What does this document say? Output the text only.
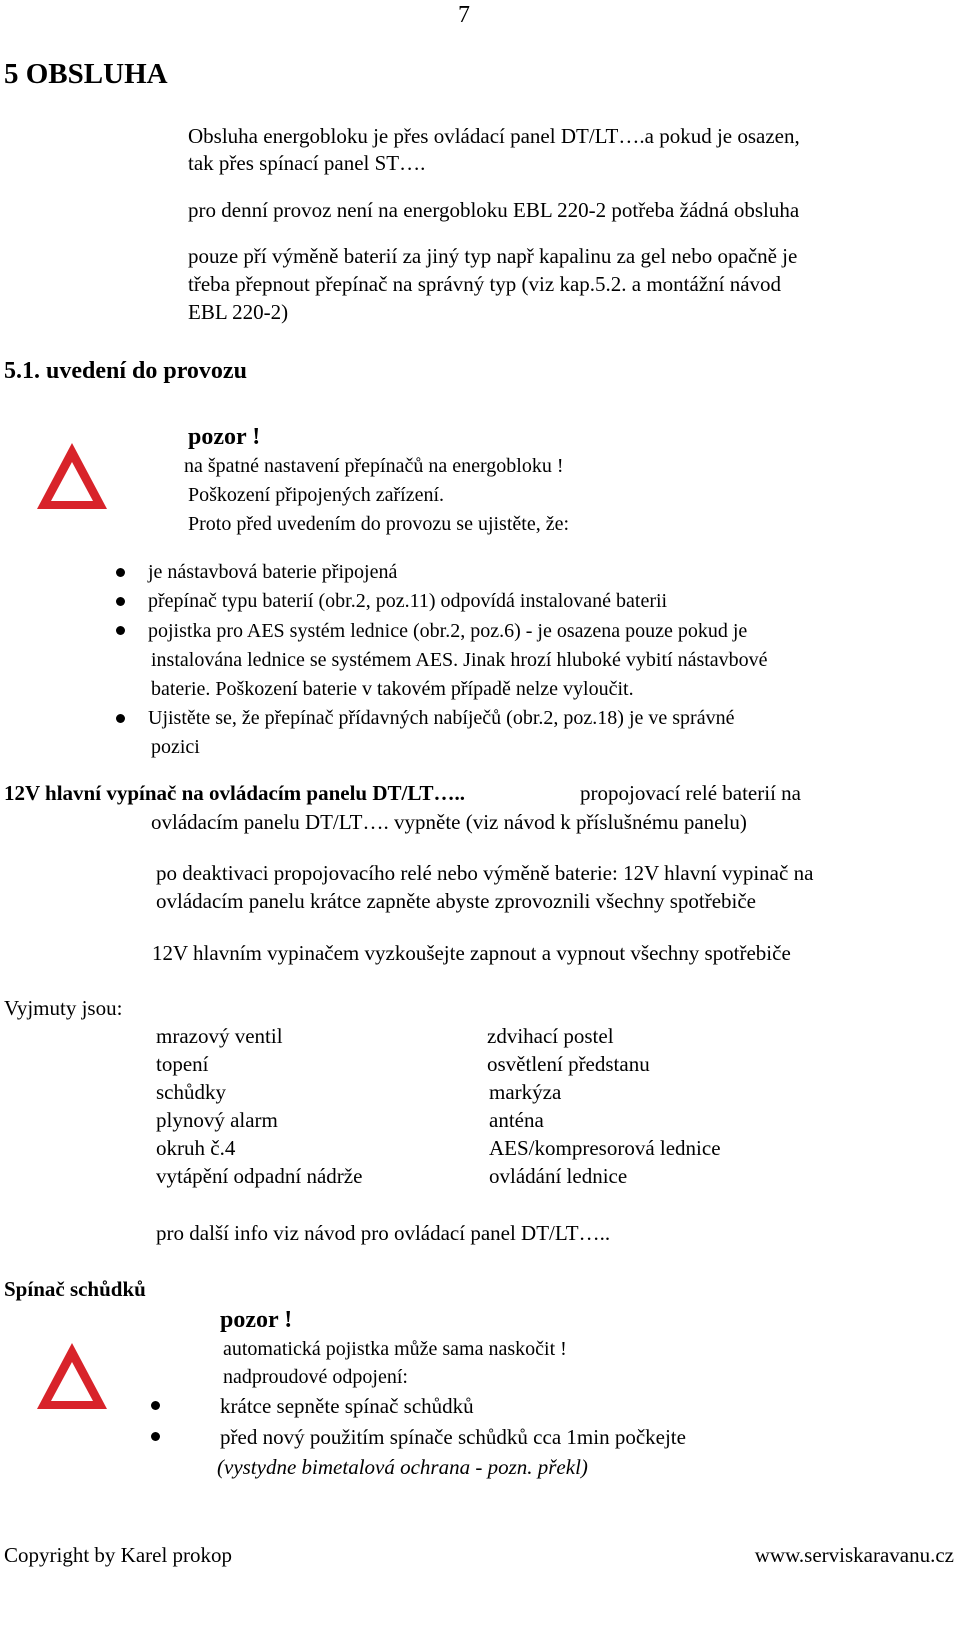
7
5 OBSLUHA
Obsluha energobloku je přes ovládací panel DT/LT….a pokud je osazen,
tak přes spínací panel ST….
pro denní provoz není na energobloku EBL 220-2 potřeba žádná obsluha
pouze pří výměně baterií za jiný typ např kapalinu za gel nebo opačně je
třeba přepnout přepínač na správný typ (viz kap.5.2. a montážní návod
EBL 220-2)
5.1. uvedení do provozu
pozor !
na špatné nastavení přepínačů na energobloku !
Poškození připojených zařízení.
Proto před uvedením do provozu se ujistěte, že:
je nástavbová baterie připojená
přepínač typu baterií (obr.2, poz.11) odpovídá instalované baterii
pojistka pro AES systém lednice (obr.2, poz.6) - je osazena pouze pokud je
instalována lednice se systémem AES. Jinak hrozí hluboké vybití nástavbové
baterie. Poškození baterie v takovém případě nelze vyloučit.
Ujistěte se, že přepínač přídavných nabíječů (obr.2, poz.18) je ve správné
pozici
12V hlavní vypínač na ovládacím panelu DT/LT…..	propojovací relé baterií na
ovládacím panelu DT/LT…. vypněte (viz návod k příslušnému panelu)
po deaktivaci propojovacího relé nebo výměně baterie: 12V hlavní vypinač na
ovládacím panelu krátce zapněte abyste zprovoznili všechny spotřebiče
12V hlavním vypinačem vyzkoušejte zapnout a vypnout všechny spotřebiče
Vyjmuty jsou:
mrazový ventil
topení
schůdky
plynový alarm
okruh č.4
vytápění odpadní nádrže
zdvihací postel
osvětlení předstanu
markýza
anténa
AES/kompresorová lednice
ovládání lednice
pro další info viz návod pro ovládací panel DT/LT…..
Spínač schůdků
pozor !
automatická pojistka může sama naskočit !
nadproudové odpojení:
krátce sepněte spínač schůdků
před nový použitím spínače schůdků cca 1min počkejte
(vystydne bimetalová ochrana - pozn. překl)
Copyright by Karel prokop	www.serviskaravanu.cz
